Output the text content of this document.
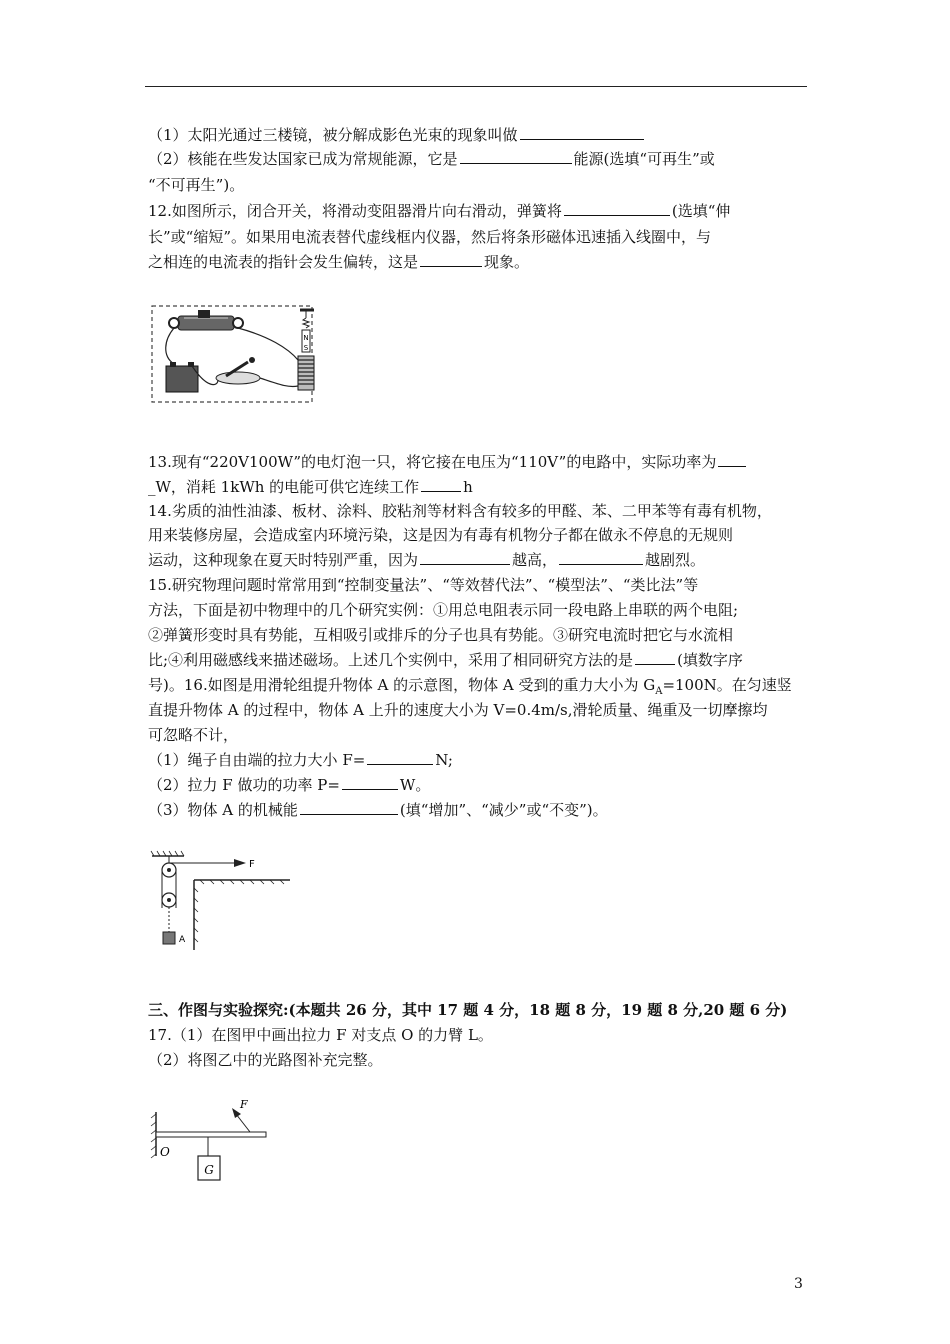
（1）太阳光通过三楼镜，被分解成影色光束的现象叫做
（2）核能在些发达国家已成为常规能源，它是	能源(选填“可再生”或
“不可再生”)。
12.如图所示，闭合开关，将滑动变阻器滑片向右滑动，弹簧将	(选填“伸
长”或“缩短”。如果用电流表替代虚线框内仪器，然后将条形磁体迅速插入线圈中，与
之相连的电流表的指针会发生偏转，这是	现象。
N
S
13.现有“220V100W”的电灯泡一只，将它接在电压为“110V”的电路中，实际功率为
_W，消耗 1kWh 的电能可供它连续工作	h
14.劣质的油性油漆、板材、涂料、胶粘剂等材料含有较多的甲醛、苯、二甲苯等有毒有机物，
用来装修房屋，会造成室内环境污染，这是因为有毒有机物分子都在做永不停息的无规则
运动，这种现象在夏天时特别严重，因为	越高，	越剧烈。
15.研究物理问题时常常用到“控制变量法”、“等效替代法”、“模型法”、“类比法”等
方法，下面是初中物理中的几个研究实例：①用总电阻表示同一段电路上串联的两个电阻;
②弹簧形变时具有势能，互相吸引或排斥的分子也具有势能。③研究电流时把它与水流相
比;④利用磁感线来描述磁场。上述几个实例中，采用了相同研究方法的是	(填数字序
号)。16.如图是用滑轮组提升物体 A 的示意图，物体 A 受到的重力大小为 $G_A=100N$。在匀速竖
直提升物体 A 的过程中，物体 A 上升的速度大小为 V=0.4m/s,滑轮质量、绳重及一切摩擦均
可忽略不计，
（1）绳子自由端的拉力大小 F=	N;
（2）拉力 F 做功的功率 P=	W。
（3）物体 A 的机械能	(填“增加”、“减少”或“不变”)。
F
A
三、作图与实验探究:(本题共 26 分，其中 17 题 4 分，18 题 8 分，19 题 8 分,20 题 6 分)
17.（1）在图甲中画出拉力 F 对支点 O 的力臂 L。
（2）将图乙中的光路图补充完整。
O
F
G
3
